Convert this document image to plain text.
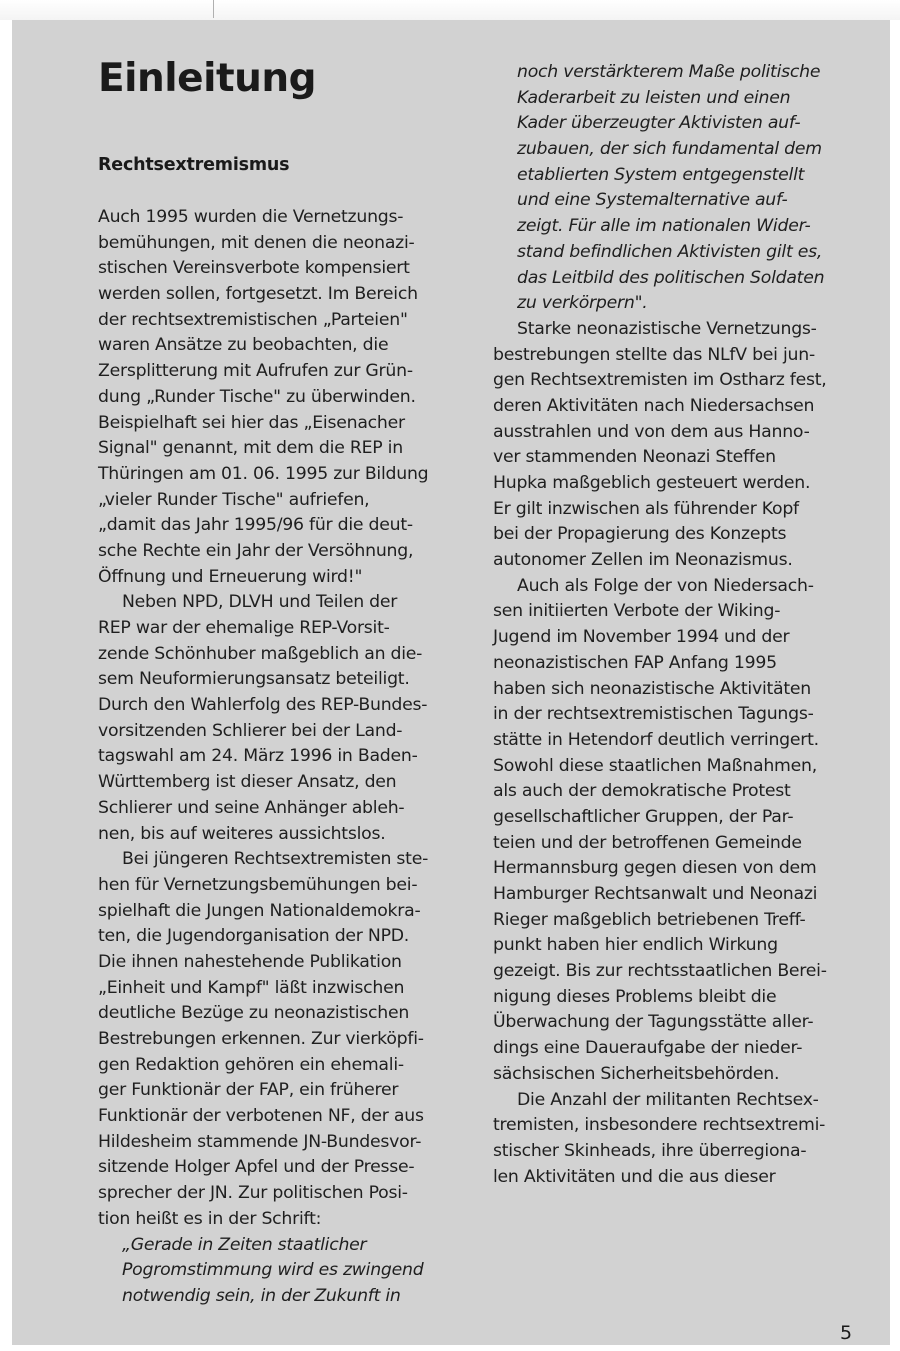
Einleitung
Rechtsextremismus
Auch 1995 wurden die Vernetzungs-
bemühungen, mit denen die neonazi-
stischen Vereinsverbote kompensiert
werden sollen, fortgesetzt. Im Bereich
der rechtsextremistischen „Parteien"
waren Ansätze zu beobachten, die
Zersplitterung mit Aufrufen zur Grün-
dung „Runder Tische" zu überwinden.
Beispielhaft sei hier das „Eisenacher
Signal" genannt, mit dem die REP in
Thüringen am 01. 06. 1995 zur Bildung
„vieler Runder Tische" aufriefen,
„damit das Jahr 1995/96 für die deut-
sche Rechte ein Jahr der Versöhnung,
Öffnung und Erneuerung wird!"
Neben NPD, DLVH und Teilen der
REP war der ehemalige REP-Vorsit-
zende Schönhuber maßgeblich an die-
sem Neuformierungsansatz beteiligt.
Durch den Wahlerfolg des REP-Bundes-
vorsitzenden Schlierer bei der Land-
tagswahl am 24. März 1996 in Baden-
Württemberg ist dieser Ansatz, den
Schlierer und seine Anhänger ableh-
nen, bis auf weiteres aussichtslos.
Bei jüngeren Rechtsextremisten ste-
hen für Vernetzungsbemühungen bei-
spielhaft die Jungen Nationaldemokra-
ten, die Jugendorganisation der NPD.
Die ihnen nahestehende Publikation
„Einheit und Kampf" läßt inzwischen
deutliche Bezüge zu neonazistischen
Bestrebungen erkennen. Zur vierköpfi-
gen Redaktion gehören ein ehemali-
ger Funktionär der FAP, ein früherer
Funktionär der verbotenen NF, der aus
Hildesheim stammende JN-Bundesvor-
sitzende Holger Apfel und der Presse-
sprecher der JN. Zur politischen Posi-
tion heißt es in der Schrift:
„Gerade in Zeiten staatlicher
Pogromstimmung wird es zwingend
notwendig sein, in der Zukunft in
noch verstärkterem Maße politische
Kaderarbeit zu leisten und einen
Kader überzeugter Aktivisten auf-
zubauen, der sich fundamental dem
etablierten System entgegenstellt
und eine Systemalternative auf-
zeigt. Für alle im nationalen Wider-
stand befindlichen Aktivisten gilt es,
das Leitbild des politischen Soldaten
zu verkörpern".
Starke neonazistische Vernetzungs-
bestrebungen stellte das NLfV bei jun-
gen Rechtsextremisten im Ostharz fest,
deren Aktivitäten nach Niedersachsen
ausstrahlen und von dem aus Hanno-
ver stammenden Neonazi Steffen
Hupka maßgeblich gesteuert werden.
Er gilt inzwischen als führender Kopf
bei der Propagierung des Konzepts
autonomer Zellen im Neonazismus.
Auch als Folge der von Niedersach-
sen initiierten Verbote der Wiking-
Jugend im November 1994 und der
neonazistischen FAP Anfang 1995
haben sich neonazistische Aktivitäten
in der rechtsextremistischen Tagungs-
stätte in Hetendorf deutlich verringert.
Sowohl diese staatlichen Maßnahmen,
als auch der demokratische Protest
gesellschaftlicher Gruppen, der Par-
teien und der betroffenen Gemeinde
Hermannsburg gegen diesen von dem
Hamburger Rechtsanwalt und Neonazi
Rieger maßgeblich betriebenen Treff-
punkt haben hier endlich Wirkung
gezeigt. Bis zur rechtsstaatlichen Berei-
nigung dieses Problems bleibt die
Überwachung der Tagungsstätte aller-
dings eine Daueraufgabe der nieder-
sächsischen Sicherheitsbehörden.
Die Anzahl der militanten Rechtsex-
tremisten, insbesondere rechtsextremi-
stischer Skinheads, ihre überregiona-
len Aktivitäten und die aus dieser
5
